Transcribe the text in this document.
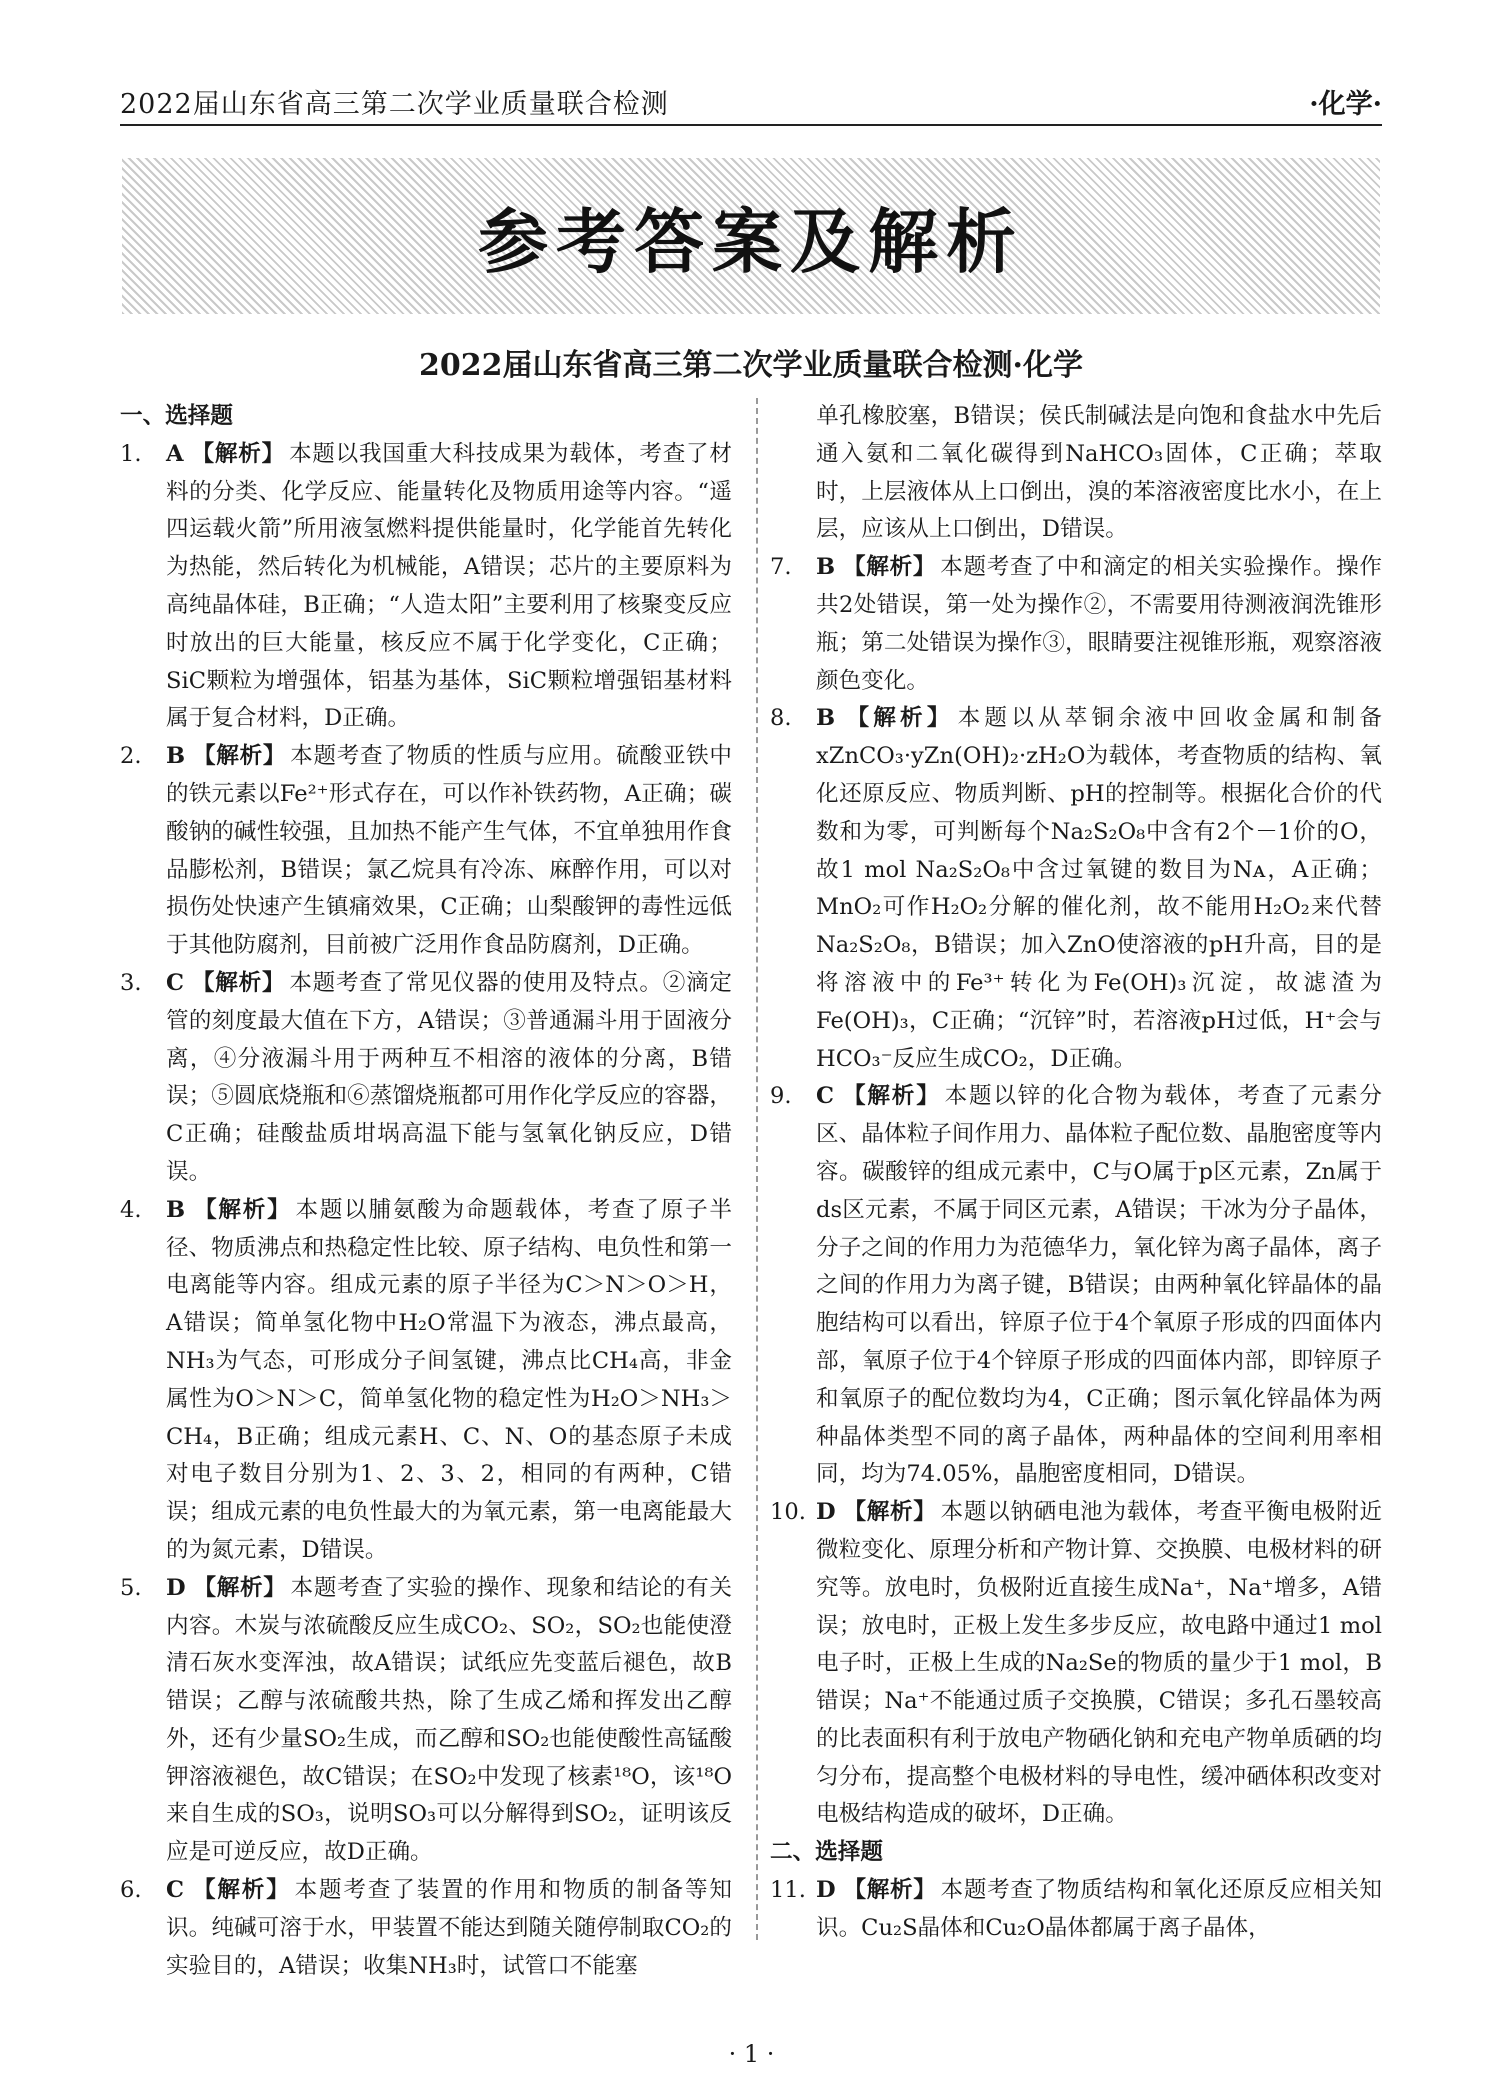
2022届山东省高三第二次学业质量联合检测	·化学·
参考答案及解析
2022届山东省高三第二次学业质量联合检测·化学

一、选择题

1. A 【解析】 本题以我国重大科技成果为载体，考查了材料的分类、化学反应、能量转化及物质用途等内容。“遥四运载火箭”所用液氢燃料提供能量时，化学能首先转化为热能，然后转化为机械能，A错误；芯片的主要原料为高纯晶体硅，B正确；“人造太阳”主要利用了核聚变反应时放出的巨大能量，核反应不属于化学变化，C正确；SiC颗粒为增强体，铝基为基体，SiC颗粒增强铝基材料属于复合材料，D正确。

2. B 【解析】 本题考查了物质的性质与应用。硫酸亚铁中的铁元素以Fe²⁺形式存在，可以作补铁药物，A正确；碳酸钠的碱性较强，且加热不能产生气体，不宜单独用作食品膨松剂，B错误；氯乙烷具有冷冻、麻醉作用，可以对损伤处快速产生镇痛效果，C正确；山梨酸钾的毒性远低于其他防腐剂，目前被广泛用作食品防腐剂，D正确。

3. C 【解析】 本题考查了常见仪器的使用及特点。②滴定管的刻度最大值在下方，A错误；③普通漏斗用于固液分离，④分液漏斗用于两种互不相溶的液体的分离，B错误；⑤圆底烧瓶和⑥蒸馏烧瓶都可用作化学反应的容器，C正确；硅酸盐质坩埚高温下能与氢氧化钠反应，D错误。

4. B 【解析】 本题以脯氨酸为命题载体，考查了原子半径、物质沸点和热稳定性比较、原子结构、电负性和第一电离能等内容。组成元素的原子半径为C＞N＞O＞H，A错误；简单氢化物中H₂O常温下为液态，沸点最高，NH₃为气态，可形成分子间氢键，沸点比CH₄高，非金属性为O＞N＞C，简单氢化物的稳定性为H₂O＞NH₃＞CH₄，B正确；组成元素H、C、N、O的基态原子未成对电子数目分别为1、2、3、2，相同的有两种，C错误；组成元素的电负性最大的为氧元素，第一电离能最大的为氮元素，D错误。

5. D 【解析】 本题考查了实验的操作、现象和结论的有关内容。木炭与浓硫酸反应生成CO₂、SO₂，SO₂也能使澄清石灰水变浑浊，故A错误；试纸应先变蓝后褪色，故B错误；乙醇与浓硫酸共热，除了生成乙烯和挥发出乙醇外，还有少量SO₂生成，而乙醇和SO₂也能使酸性高锰酸钾溶液褪色，故C错误；在SO₂中发现了核素¹⁸O，该¹⁸O来自生成的SO₃，说明SO₃可以分解得到SO₂，证明该反应是可逆反应，故D正确。

6. C 【解析】 本题考查了装置的作用和物质的制备等知识。纯碱可溶于水，甲装置不能达到随关随停制取CO₂的实验目的，A错误；收集NH₃时，试管口不能塞

单孔橡胶塞，B错误；侯氏制碱法是向饱和食盐水中先后通入氨和二氧化碳得到NaHCO₃固体，C正确；萃取时，上层液体从上口倒出，溴的苯溶液密度比水小，在上层，应该从上口倒出，D错误。

7. B 【解析】 本题考查了中和滴定的相关实验操作。操作共2处错误，第一处为操作②，不需要用待测液润洗锥形瓶；第二处错误为操作③，眼睛要注视锥形瓶，观察溶液颜色变化。

8. B 【解析】 本题以从萃铜余液中回收金属和制备xZnCO₃·yZn(OH)₂·zH₂O为载体，考查物质的结构、氧化还原反应、物质判断、pH的控制等。根据化合价的代数和为零，可判断每个Na₂S₂O₈中含有2个－1价的O，故1 mol Na₂S₂O₈中含过氧键的数目为Nᴀ，A正确；MnO₂可作H₂O₂分解的催化剂，故不能用H₂O₂来代替Na₂S₂O₈，B错误；加入ZnO使溶液的pH升高，目的是将溶液中的Fe³⁺转化为Fe(OH)₃沉淀，故滤渣为Fe(OH)₃，C正确；“沉锌”时，若溶液pH过低，H⁺会与HCO₃⁻反应生成CO₂，D正确。

9. C 【解析】 本题以锌的化合物为载体，考查了元素分区、晶体粒子间作用力、晶体粒子配位数、晶胞密度等内容。碳酸锌的组成元素中，C与O属于p区元素，Zn属于ds区元素，不属于同区元素，A错误；干冰为分子晶体，分子之间的作用力为范德华力，氧化锌为离子晶体，离子之间的作用力为离子键，B错误；由两种氧化锌晶体的晶胞结构可以看出，锌原子位于4个氧原子形成的四面体内部，氧原子位于4个锌原子形成的四面体内部，即锌原子和氧原子的配位数均为4，C正确；图示氧化锌晶体为两种晶体类型不同的离子晶体，两种晶体的空间利用率相同，均为74.05%，晶胞密度相同，D错误。

10. D 【解析】 本题以钠硒电池为载体，考查平衡电极附近微粒变化、原理分析和产物计算、交换膜、电极材料的研究等。放电时，负极附近直接生成Na⁺，Na⁺增多，A错误；放电时，正极上发生多步反应，故电路中通过1 mol电子时，正极上生成的Na₂Se的物质的量少于1 mol，B错误；Na⁺不能通过质子交换膜，C错误；多孔石墨较高的比表面积有利于放电产物硒化钠和充电产物单质硒的均匀分布，提高整个电极材料的导电性，缓冲硒体积改变对电极结构造成的破坏，D正确。

二、选择题

11. D 【解析】 本题考查了物质结构和氧化还原反应相关知识。Cu₂S晶体和Cu₂O晶体都属于离子晶体，

· 1 ·
